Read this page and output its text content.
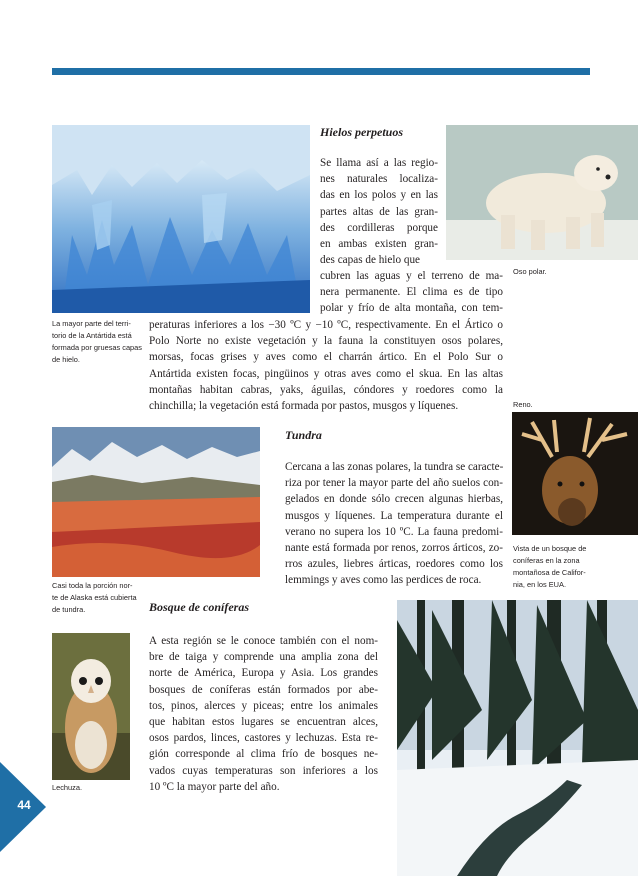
La mayor parte del terri-
torio de la Antártida está
formada por gruesas capas
de hielo.
Oso polar.
Reno.
Vista de un bosque de
coníferas en la zona
montañosa de Califor-
nia, en los EUA.
Casi toda la porción nor-
te de Alaska está cubierta
de tundra.
Lechuza.
Hielos perpetuos
Se llama así a las regio-
nes naturales localiza-
das en los polos y en las
partes altas de las gran-
des cordilleras porque
en ambas existen gran-
des capas de hielo que
cubren las aguas y el terreno de ma-
nera permanente. El clima es de tipo
polar y frío de alta montaña, con tem-
peraturas inferiores a los −30 ºC y −10 ºC, respectivamente. En el Ártico o
Polo Norte no existe vegetación y la fauna la constituyen osos polares,
morsas, focas grises y aves como el charrán ártico. En el Polo Sur o
Antártida existen focas, pingüinos y otras aves como el skua. En las altas
montañas habitan cabras, yaks, águilas, cóndores y roedores como la
chinchilla; la vegetación está formada por pastos, musgos y líquenes.
Tundra
Cercana a las zonas polares, la tundra se caracte-
riza por tener la mayor parte del año suelos con-
gelados en donde sólo crecen algunas hierbas,
musgos y líquenes. La temperatura durante el
verano no supera los 10 ºC. La fauna predomi-
nante está formada por renos, zorros árticos, zo-
rros azules, liebres árticas, roedores como los
lemmings y aves como las perdices de roca.
Bosque de coníferas
A esta región se le conoce también con el nom-
bre de taiga y comprende una amplia zona del
norte de América, Europa y Asia. Los grandes
bosques de coníferas están formados por abe-
tos, pinos, alerces y piceas; entre los animales
que habitan estos lugares se encuentran alces,
osos pardos, linces, castores y lechuzas. Esta re-
gión corresponde al clima frío de bosques ne-
vados cuyas temperaturas son inferiores a los
10 ºC la mayor parte del año.
44
